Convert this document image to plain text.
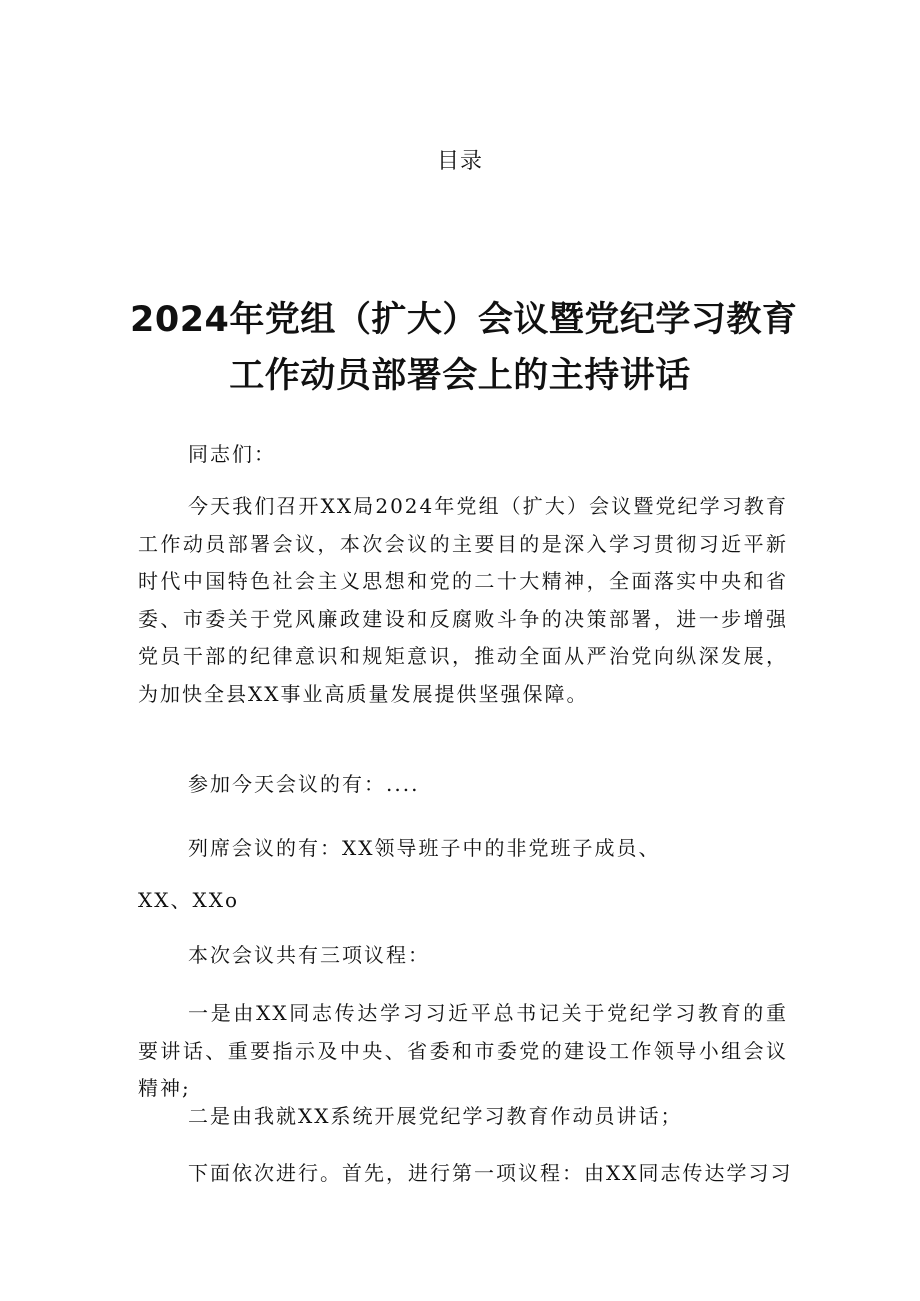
目录
2024年党组（扩大）会议暨党纪学习教育
工作动员部署会上的主持讲话

同志们：

今天我们召开XX局2024年党组（扩大）会议暨党纪学习教育工作动员部署会议，本次会议的主要目的是深入学习贯彻习近平新时代中国特色社会主义思想和党的二十大精神，全面落实中央和省委、市委关于党风廉政建设和反腐败斗争的决策部署，进一步增强党员干部的纪律意识和规矩意识，推动全面从严治党向纵深发展，为加快全县XX事业高质量发展提供坚强保障。

参加今天会议的有：....

列席会议的有：XX领导班子中的非党班子成员、

XX、XXo

本次会议共有三项议程：

一是由XX同志传达学习习近平总书记关于党纪学习教育的重要讲话、重要指示及中央、省委和市委党的建设工作领导小组会议精神;

二是由我就XX系统开展党纪学习教育作动员讲话；

下面依次进行。首先，进行第一项议程：由XX同志传达学习习
